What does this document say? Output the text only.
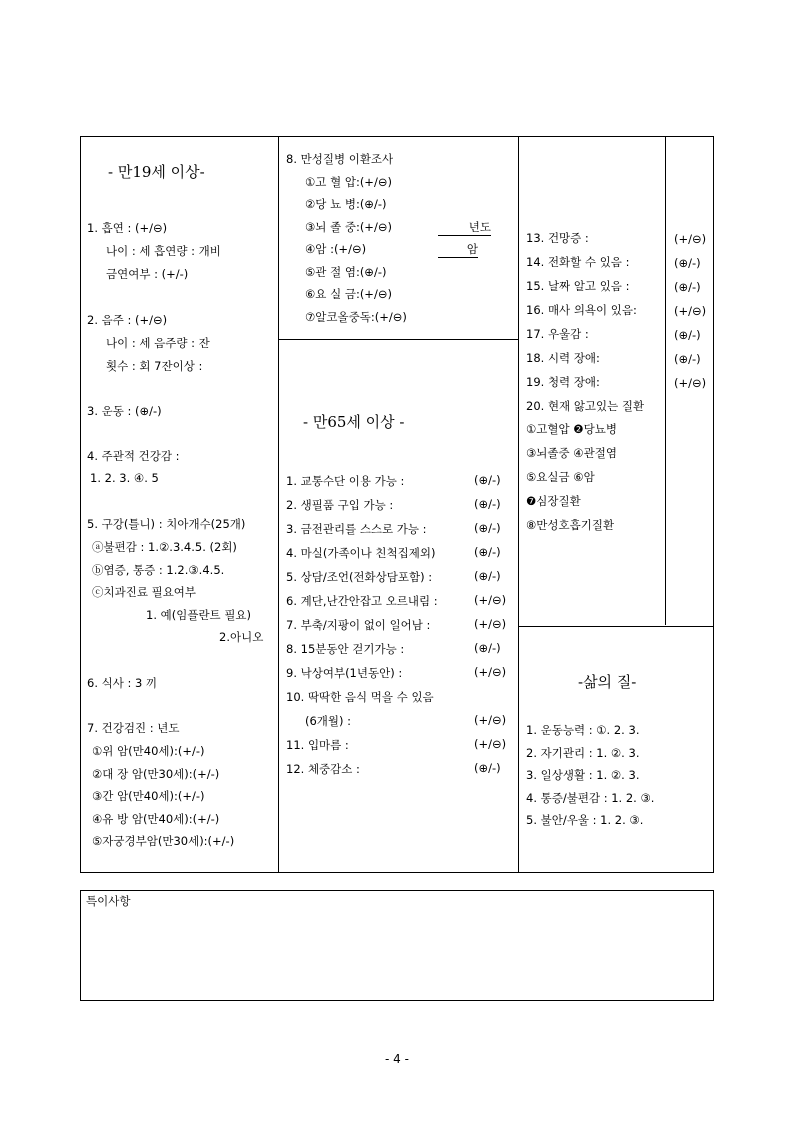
- 만19세 이상-
1. 흡연 : (+/⊖)
나이 : 세 흡연량 : 개비
금연여부 : (+/-)
2. 음주 : (+/⊖)
나이 : 세 음주량 : 잔
횟수 : 회 7잔이상 :
3. 운동 : (⊕/-)
4. 주관적 건강감 :
1. 2. 3. ④. 5
5. 구강(틀니) : 치아개수(25개)
ⓐ불편감 : 1.②.3.4.5. (2회)
ⓑ염증, 통증 : 1.2.③.4.5.
ⓒ치과진료 필요여부
1. 예(임플란트 필요)
2.아니오
6. 식사 : 3 끼
7. 건강검진 : 년도
①위 암(만40세):(+/-)
②대 장 암(만30세):(+/-)
③간 암(만40세):(+/-)
④유 방 암(만40세):(+/-)
⑤자궁경부암(만30세):(+/-)
8. 만성질병 이환조사
①고 혈 압:(+/⊖)
②당 뇨 병:(⊕/-)
③뇌 졸 중:(+/⊖)	년도
④암 :(+/⊖)	암
⑤관 절 염:(⊕/-)
⑥요 실 금:(+/⊖)
⑦알코올중독:(+/⊖)
- 만65세 이상 -
1. 교통수단 이용 가능 :	(⊕/-)
2. 생필품 구입 가능 :	(⊕/-)
3. 금전관리를 스스로 가능 :	(⊕/-)
4. 마실(가족이나 친척집제외)	(⊕/-)
5. 상담/조언(전화상담포함) :	(⊕/-)
6. 계단,난간안잡고 오르내림 :	(+/⊖)
7. 부축/지팡이 없이 일어남 :	(+/⊖)
8. 15분동안 걷기가능 :	(⊕/-)
9. 낙상여부(1년동안) :	(+/⊖)
10. 딱딱한 음식 먹을 수 있음
(6개월) :	(+/⊖)
11. 입마름 :	(+/⊖)
12. 체중감소 :	(⊕/-)
13. 건망증 :	(+/⊖)
14. 전화할 수 있음 :	(⊕/-)
15. 날짜 알고 있음 :	(⊕/-)
16. 매사 의욕이 있음:	(+/⊖)
17. 우울감 :	(⊕/-)
18. 시력 장애:	(⊕/-)
19. 청력 장애:	(+/⊖)
20. 현재 앓고있는 질환
①고혈압 ❷당뇨병
③뇌졸중 ④관절염
⑤요실금 ⑥암
❼심장질환
⑧만성호흡기질환
-삶의 질-
1. 운동능력 : ①. 2. 3.
2. 자기관리 : 1. ②. 3.
3. 일상생활 : 1. ②. 3.
4. 통증/불편감 : 1. 2. ③.
5. 불안/우울 : 1. 2. ③.
특이사항
- 4 -
